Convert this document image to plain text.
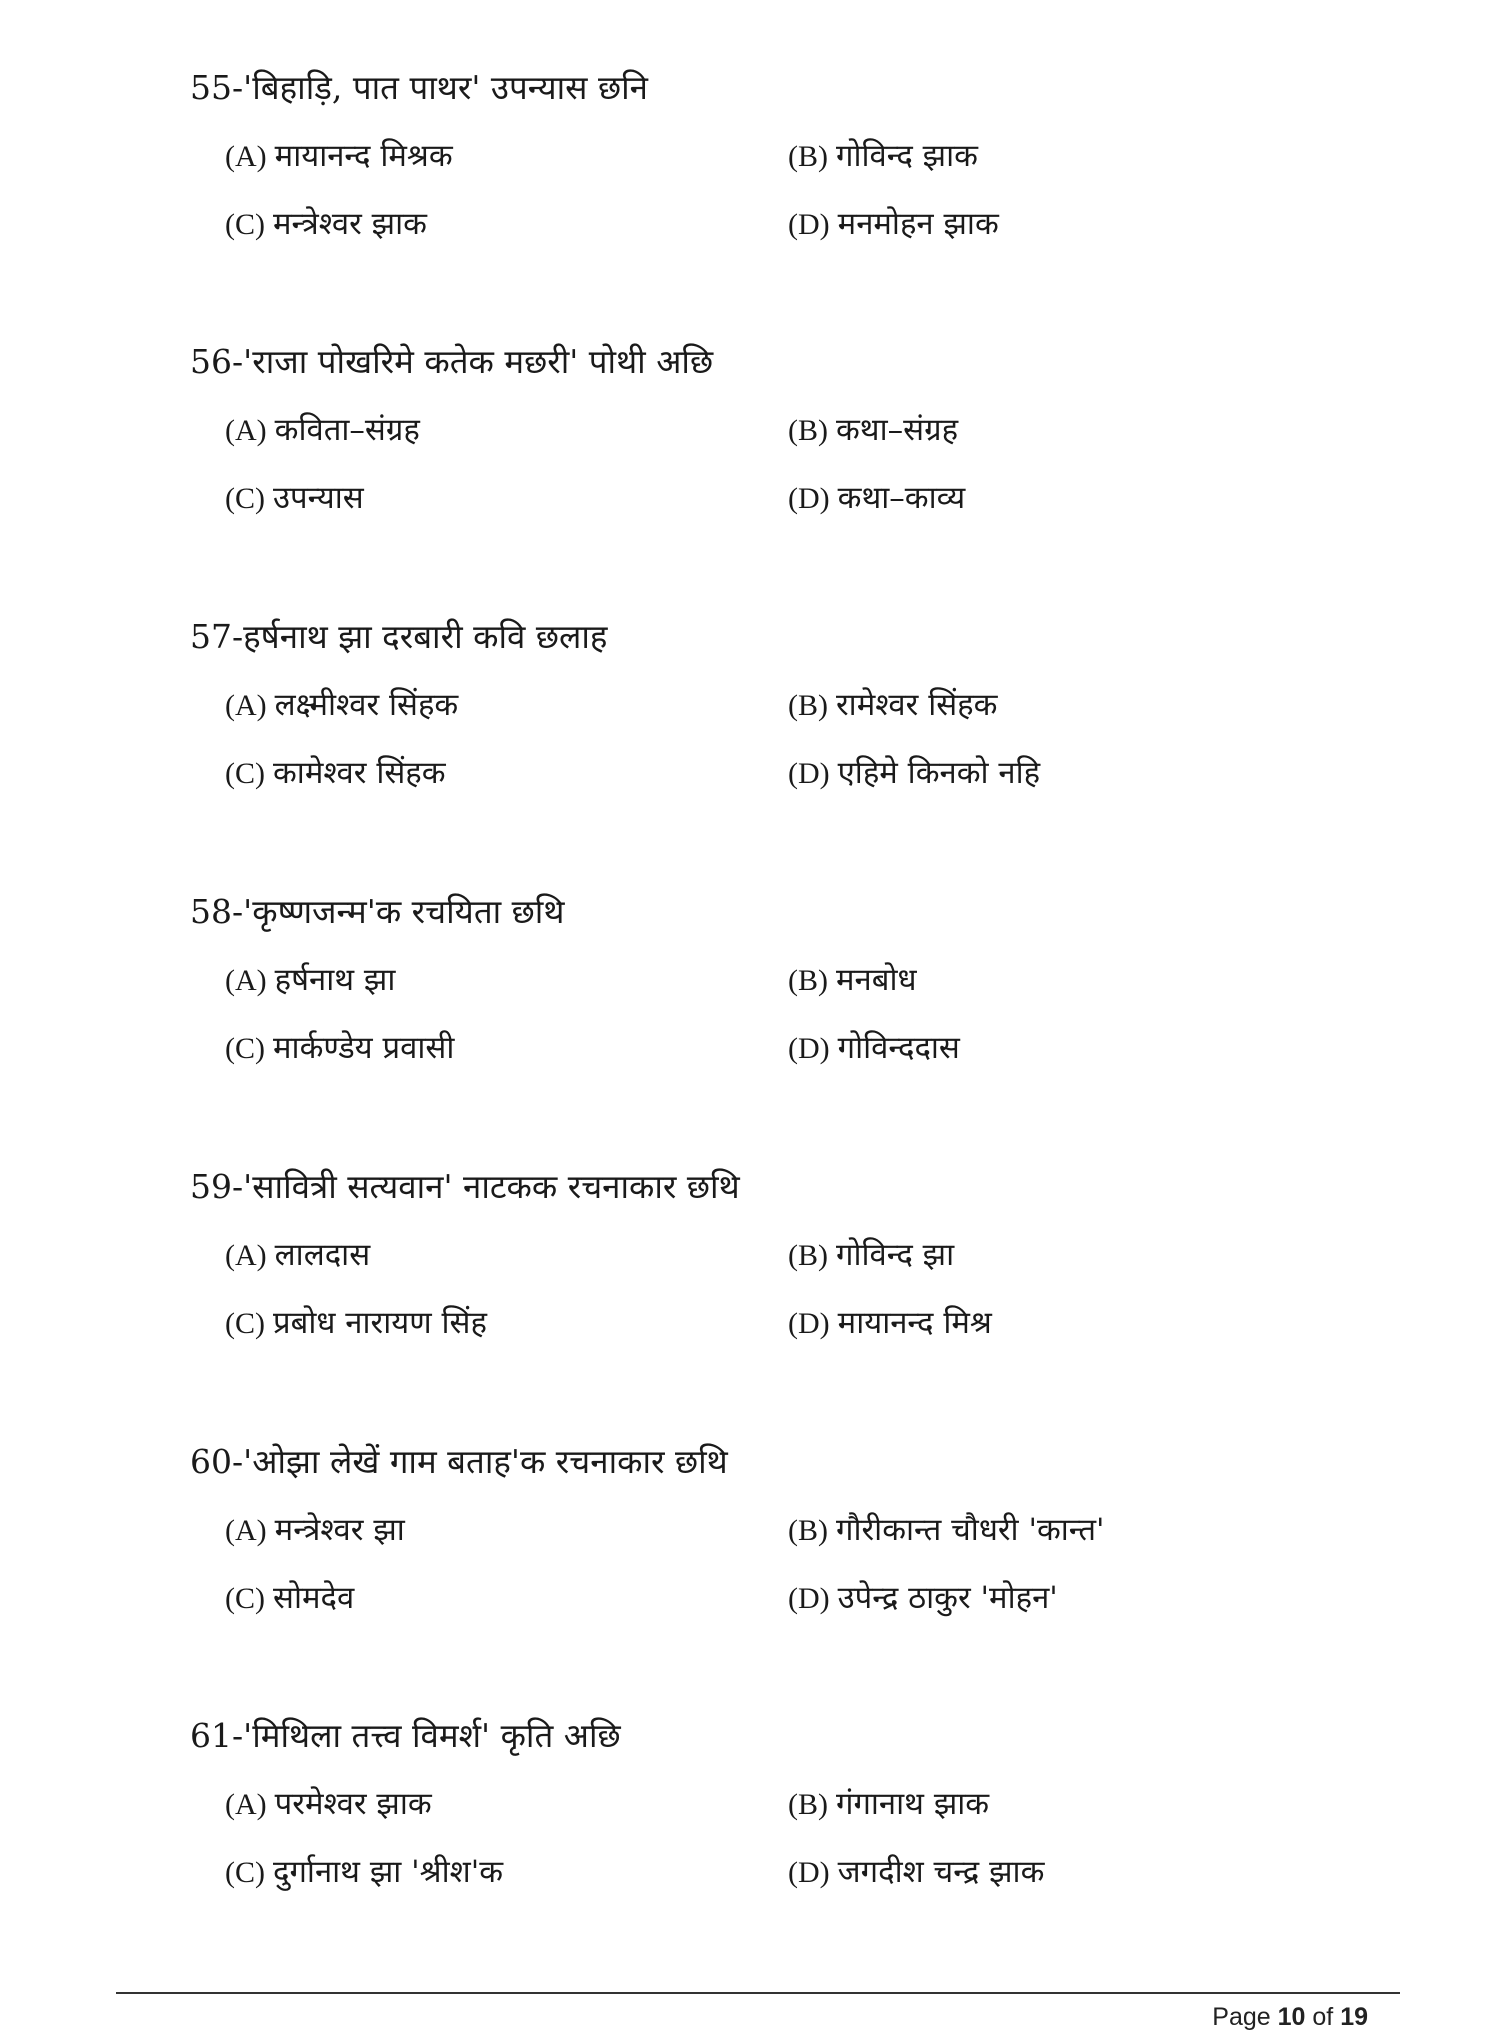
55-'बिहाड़ि, पात पाथर' उपन्यास छनि
(A) मायानन्द मिश्रक	(B) गोविन्द झाक
(C) मन्त्रेश्वर झाक	(D) मनमोहन झाक
56-'राजा पोखरिमे कतेक मछरी' पोथी अछि
(A) कविता–संग्रह	(B) कथा–संग्रह
(C) उपन्यास	(D) कथा–काव्य
57-हर्षनाथ झा दरबारी कवि छलाह
(A) लक्ष्मीश्वर सिंहक	(B) रामेश्वर सिंहक
(C) कामेश्वर सिंहक	(D) एहिमे किनको नहि
58-'कृष्णजन्म'क रचयिता छथि
(A) हर्षनाथ झा	(B) मनबोध
(C) मार्कण्डेय प्रवासी	(D) गोविन्ददास
59-'सावित्री सत्यवान' नाटकक रचनाकार छथि
(A) लालदास	(B) गोविन्द झा
(C) प्रबोध नारायण सिंह	(D) मायानन्द मिश्र
60-'ओझा लेखें गाम बताह'क रचनाकार छथि
(A) मन्त्रेश्वर झा	(B) गौरीकान्त चौधरी 'कान्त'
(C) सोमदेव	(D) उपेन्द्र ठाकुर 'मोहन'
61-'मिथिला तत्त्व विमर्श' कृति अछि
(A) परमेश्वर झाक	(B) गंगानाथ झाक
(C) दुर्गानाथ झा 'श्रीश'क	(D) जगदीश चन्द्र झाक
Page 10 of 19
